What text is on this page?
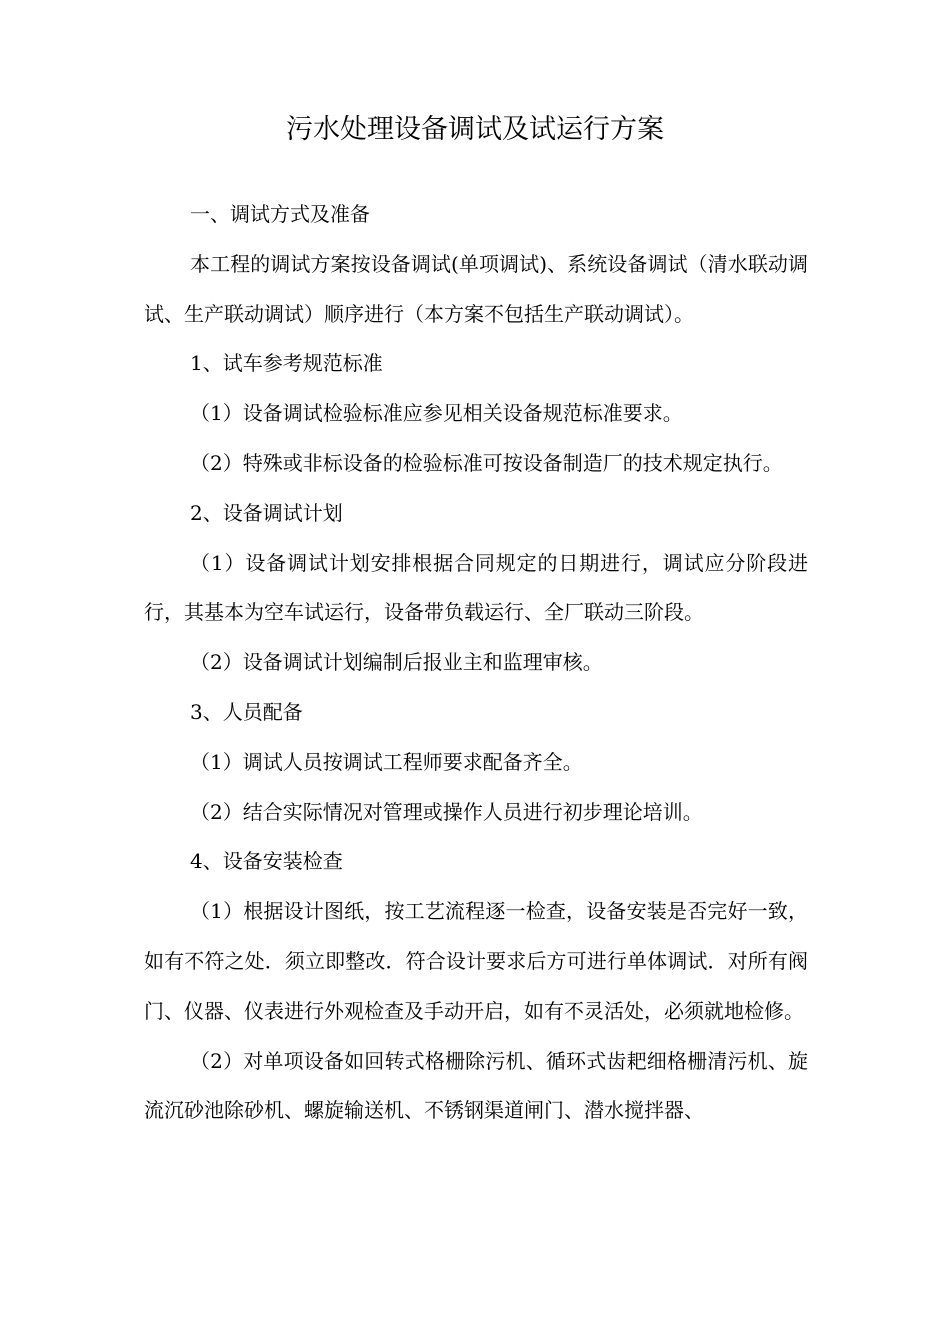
污水处理设备调试及试运行方案

一、调试方式及准备

本工程的调试方案按设备调试(单项调试)、系统设备调试（清水联动调试、生产联动调试）顺序进行（本方案不包括生产联动调试）。

1、试车参考规范标准

（1）设备调试检验标准应参见相关设备规范标准要求。

（2）特殊或非标设备的检验标准可按设备制造厂的技术规定执行。

2、设备调试计划

（1）设备调试计划安排根据合同规定的日期进行，调试应分阶段进行，其基本为空车试运行，设备带负载运行、全厂联动三阶段。

（2）设备调试计划编制后报业主和监理审核。

3、人员配备

（1）调试人员按调试工程师要求配备齐全。

（2）结合实际情况对管理或操作人员进行初步理论培训。

4、设备安装检查

（1）根据设计图纸，按工艺流程逐一检查，设备安装是否完好一致，如有不符之处．须立即整改．符合设计要求后方可进行单体调试．对所有阀门、仪器、仪表进行外观检查及手动开启，如有不灵活处，必须就地检修。

（2）对单项设备如回转式格栅除污机、循环式齿耙细格栅清污机、旋流沉砂池除砂机、螺旋输送机、不锈钢渠道闸门、潜水搅拌器、
